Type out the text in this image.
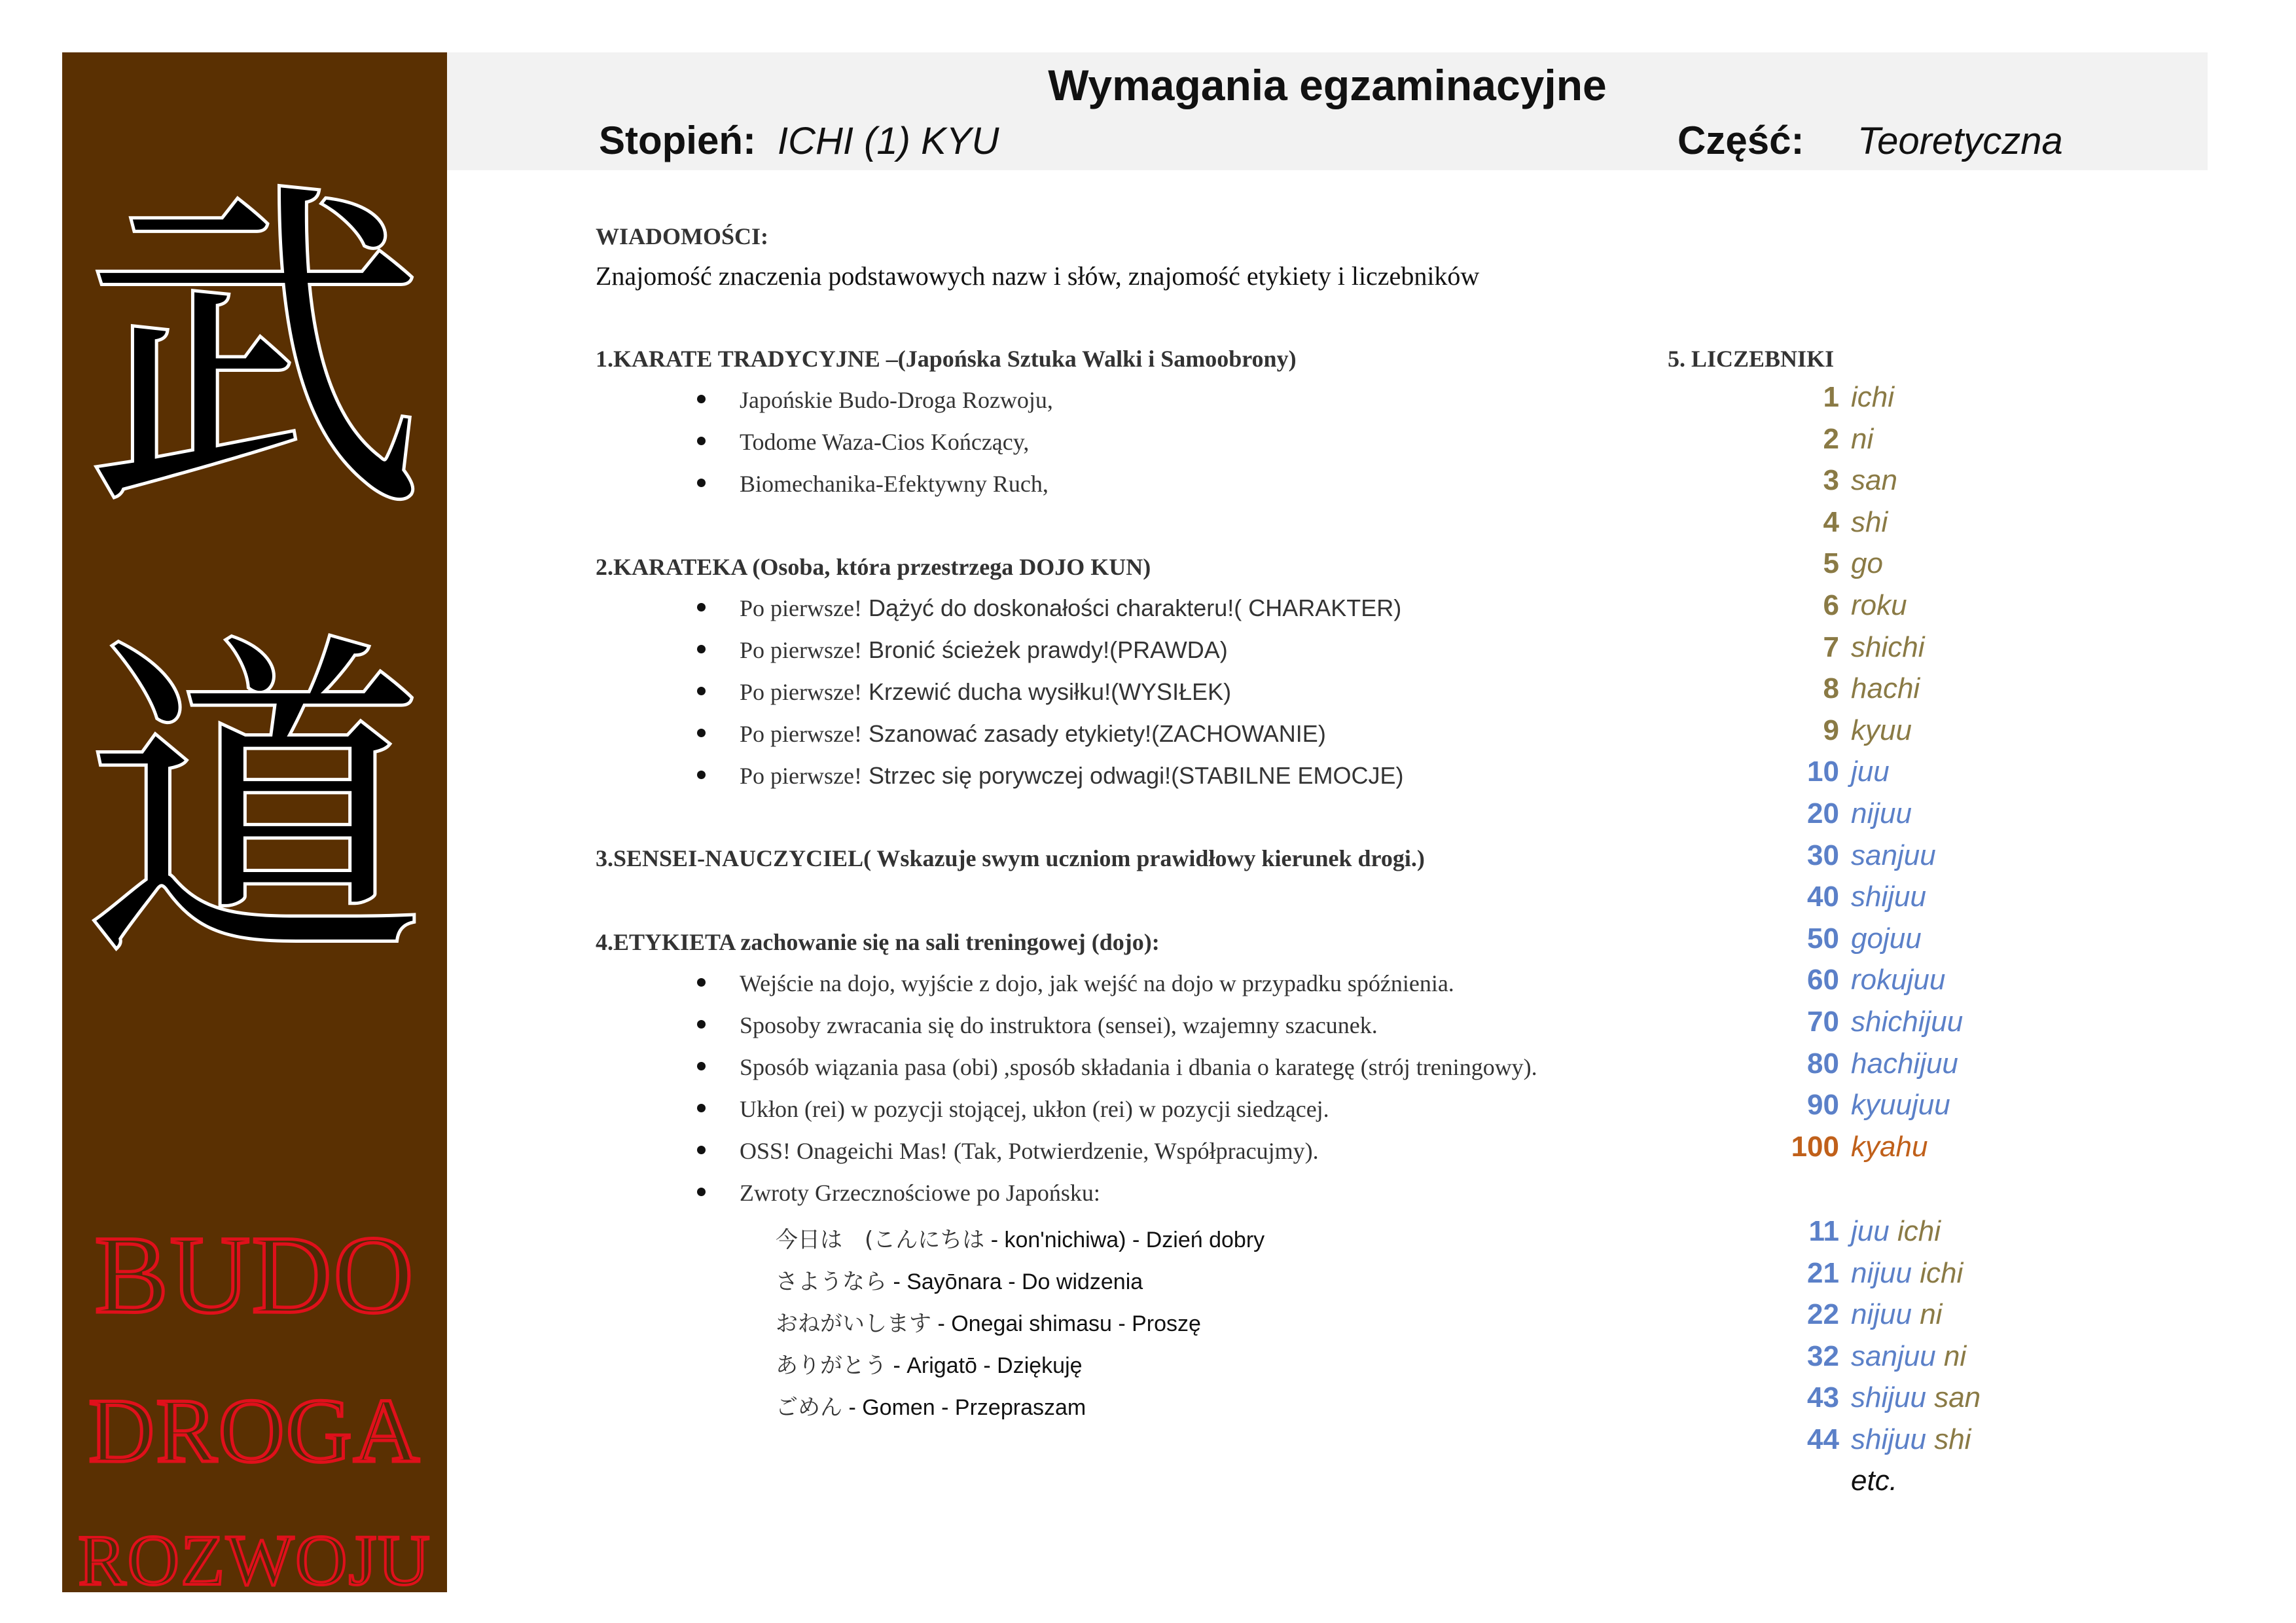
武
道
BUDO
DROGA
ROZWOJU
Wymagania egzaminacyjne
Stopień: ICHI (1) KYU	Część: Teoretyczna
WIADOMOŚCI:
Znajomość znaczenia podstawowych nazw i słów, znajomość etykiety i liczebników
1.KARATE TRADYCYJNE –(Japońska Sztuka Walki i Samoobrony)
Japońskie Budo-Droga Rozwoju,
Todome Waza-Cios Kończący,
Biomechanika-Efektywny Ruch,
2.KARATEKA (Osoba, która przestrzega DOJO KUN)
Po pierwsze! Dążyć do doskonałości charakteru!( CHARAKTER)
Po pierwsze! Bronić ścieżek prawdy!(PRAWDA)
Po pierwsze! Krzewić ducha wysiłku!(WYSIŁEK)
Po pierwsze! Szanować zasady etykiety!(ZACHOWANIE)
Po pierwsze! Strzec się porywczej odwagi!(STABILNE EMOCJE)
3.SENSEI-NAUCZYCIEL( Wskazuje swym uczniom prawidłowy kierunek drogi.)
4.ETYKIETA zachowanie się na sali treningowej (dojo):
Wejście na dojo, wyjście z dojo, jak wejść na dojo w przypadku spóźnienia.
Sposoby zwracania się do instruktora (sensei), wzajemny szacunek.
Sposób wiązania pasa (obi) ,sposób składania i dbania o karategę (strój treningowy).
Ukłon (rei) w pozycji stojącej, ukłon (rei) w pozycji siedzącej.
OSS! Onageichi Mas! (Tak, Potwierdzenie, Współpracujmy).
Zwroty Grzecznościowe po Japońsku:
今日は　(こんにちは - kon'nichiwa) - Dzień dobry
さようなら - Sayōnara - Do widzenia
おねがいします - Onegai shimasu - Proszę
ありがとう - Arigatō - Dziękuję
ごめん - Gomen - Przepraszam
5. LICZEBNIKI
1 ichi
2 ni
3 san
4 shi
5 go
6 roku
7 shichi
8 hachi
9 kyuu
10 juu
20 nijuu
30 sanjuu
40 shijuu
50 gojuu
60 rokujuu
70 shichijuu
80 hachijuu
90 kyuujuu
100 kyahu
11 juu ichi
21 nijuu ichi
22 nijuu ni
32 sanjuu ni
43 shijuu san
44 shijuu shi
etc.
